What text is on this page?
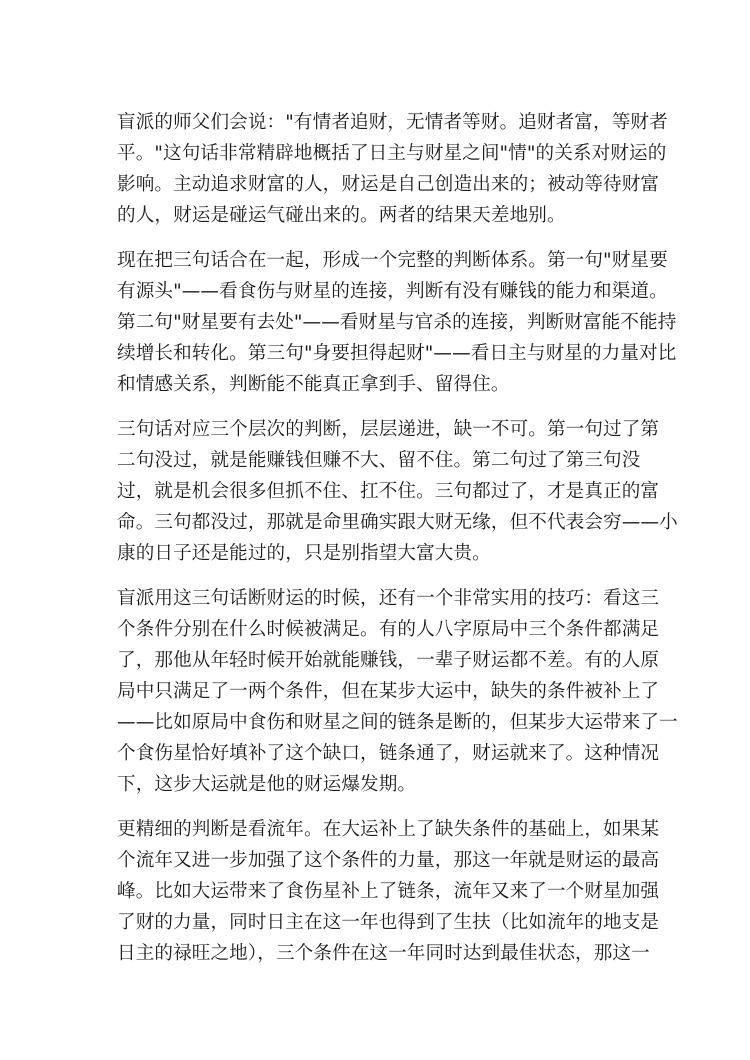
盲派的师父们会说："有情者追财，无情者等财。追财者富，等财者
平。"这句话非常精辟地概括了日主与财星之间"情"的关系对财运的
影响。主动追求财富的人，财运是自己创造出来的；被动等待财富
的人，财运是碰运气碰出来的。两者的结果天差地别。

现在把三句话合在一起，形成一个完整的判断体系。第一句"财星要
有源头"——看食伤与财星的连接，判断有没有赚钱的能力和渠道。
第二句"财星要有去处"——看财星与官杀的连接，判断财富能不能持
续增长和转化。第三句"身要担得起财"——看日主与财星的力量对比
和情感关系，判断能不能真正拿到手、留得住。

三句话对应三个层次的判断，层层递进，缺一不可。第一句过了第
二句没过，就是能赚钱但赚不大、留不住。第二句过了第三句没
过，就是机会很多但抓不住、扛不住。三句都过了，才是真正的富
命。三句都没过，那就是命里确实跟大财无缘，但不代表会穷——小
康的日子还是能过的，只是别指望大富大贵。

盲派用这三句话断财运的时候，还有一个非常实用的技巧：看这三
个条件分别在什么时候被满足。有的人八字原局中三个条件都满足
了，那他从年轻时候开始就能赚钱，一辈子财运都不差。有的人原
局中只满足了一两个条件，但在某步大运中，缺失的条件被补上了
——比如原局中食伤和财星之间的链条是断的，但某步大运带来了一
个食伤星恰好填补了这个缺口，链条通了，财运就来了。这种情况
下，这步大运就是他的财运爆发期。

更精细的判断是看流年。在大运补上了缺失条件的基础上，如果某
个流年又进一步加强了这个条件的力量，那这一年就是财运的最高
峰。比如大运带来了食伤星补上了链条，流年又来了一个财星加强
了财的力量，同时日主在这一年也得到了生扶（比如流年的地支是
日主的禄旺之地），三个条件在这一年同时达到最佳状态，那这一
